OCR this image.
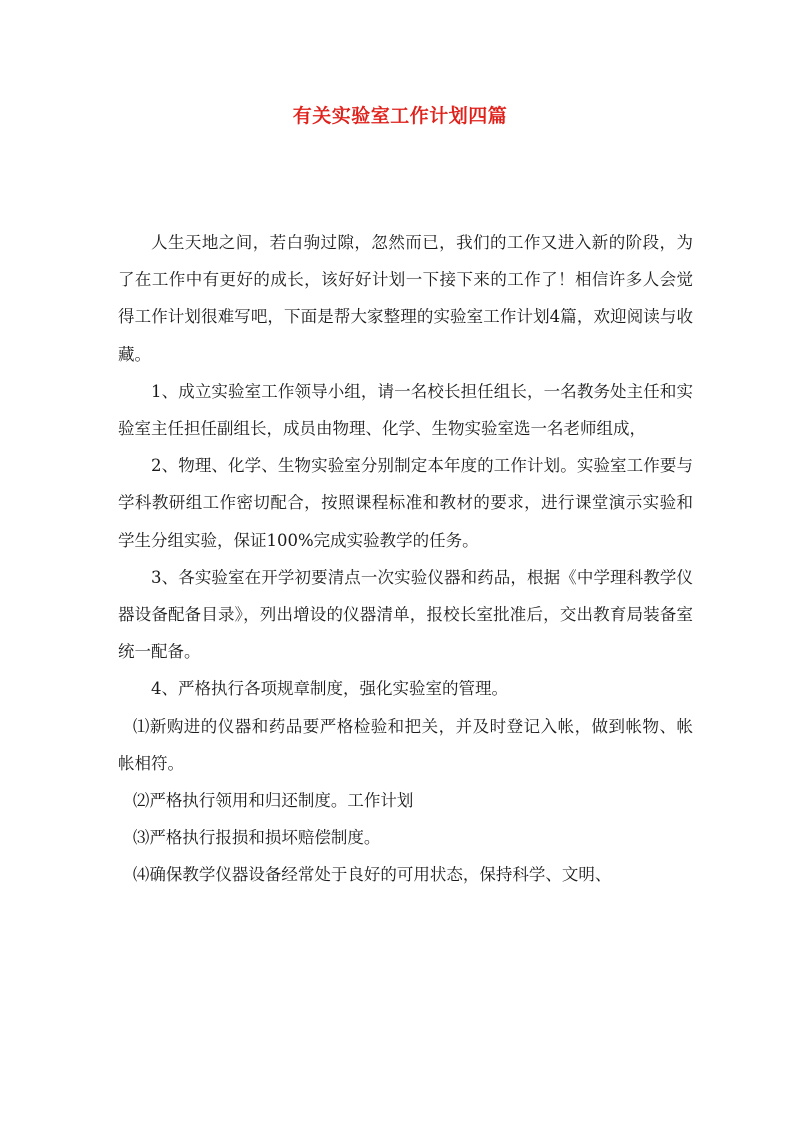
有关实验室工作计划四篇

人生天地之间，若白驹过隙，忽然而已，我们的工作又进入新的阶段，为了在工作中有更好的成长，该好好计划一下接下来的工作了！相信许多人会觉得工作计划很难写吧，下面是帮大家整理的实验室工作计划4篇，欢迎阅读与收藏。

1、成立实验室工作领导小组，请一名校长担任组长，一名教务处主任和实验室主任担任副组长，成员由物理、化学、生物实验室选一名老师组成，

2、物理、化学、生物实验室分别制定本年度的工作计划。实验室工作要与学科教研组工作密切配合，按照课程标准和教材的要求，进行课堂演示实验和学生分组实验，保证100%完成实验教学的任务。

3、各实验室在开学初要清点一次实验仪器和药品，根据《中学理科教学仪器设备配备目录》，列出增设的仪器清单，报校长室批准后，交出教育局装备室统一配备。

4、严格执行各项规章制度，强化实验室的管理。

⑴新购进的仪器和药品要严格检验和把关，并及时登记入帐，做到帐物、帐帐相符。

⑵严格执行领用和归还制度。工作计划

⑶严格执行报损和损坏赔偿制度。

⑷确保教学仪器设备经常处于良好的可用状态，保持科学、文明、
